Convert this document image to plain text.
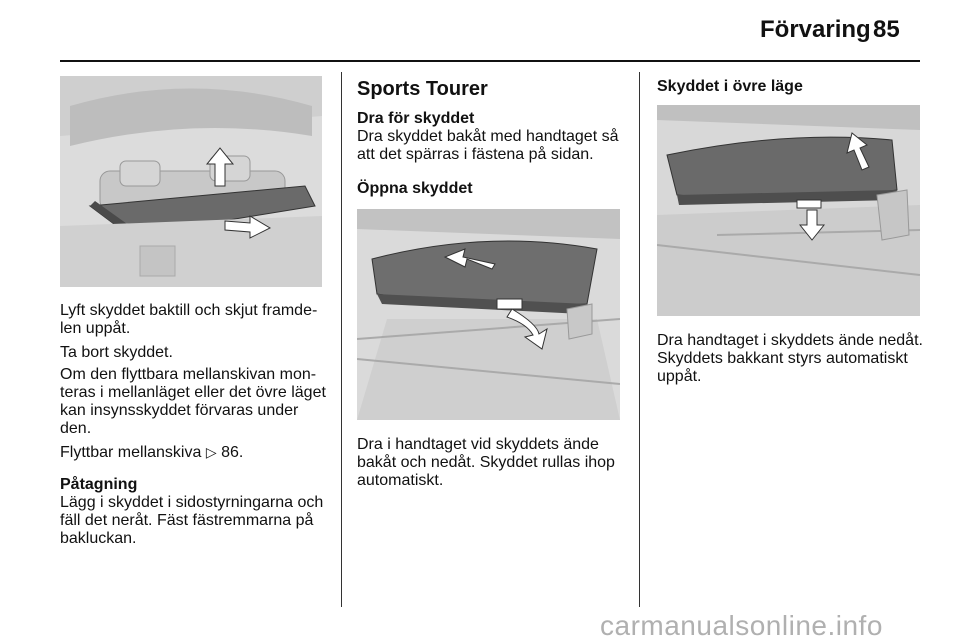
Förvaring 85
Lyft skyddet baktill och skjut framde-
len uppåt.
Ta bort skyddet.
Om den flyttbara mellanskivan mon-
teras i mellanläget eller det övre läget
kan insynsskyddet förvaras under
den.
Flyttbar mellanskiva ▷ 86.
Påtagning
Lägg i skyddet i sidostyrningarna och
fäll det neråt. Fäst fästremmarna på
bakluckan.
Sports Tourer
Dra för skyddet
Dra skyddet bakåt med handtaget så
att det spärras i fästena på sidan.
Öppna skyddet
Dra i handtaget vid skyddets ände
bakåt och nedåt. Skyddet rullas ihop
automatiskt.
Skyddet i övre läge
Dra handtaget i skyddets ände nedåt.
Skyddets bakkant styrs automatiskt
uppåt.
carmanualsonline.info
